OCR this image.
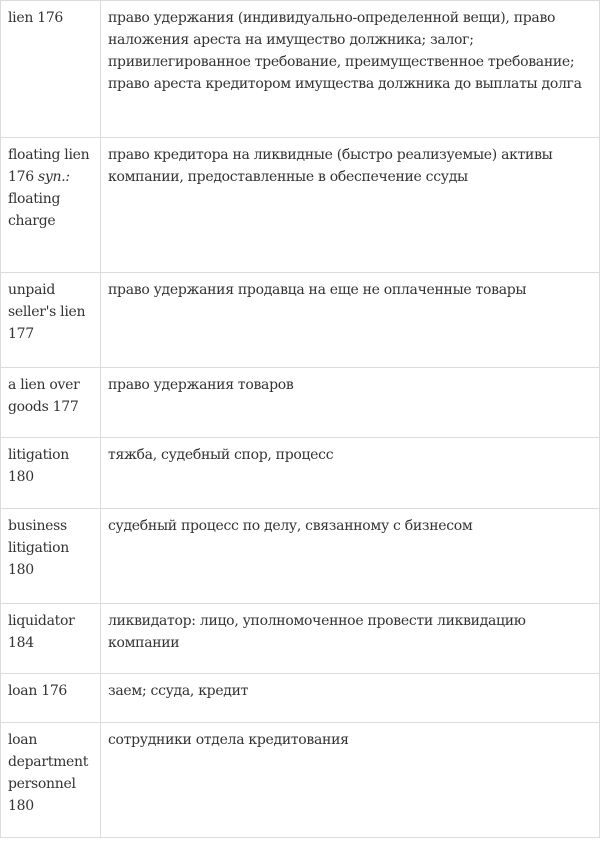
lien 176	право удержания (индивидуально-определенной вещи), право наложения ареста на имущество должника; залог; привилегированное требование, преимущественное требование; право ареста кредитором имущества должника до выплаты долга
floating lien 176 syn.: floating charge	право кредитора на ликвидные (быстро реализуемые) активы компании, предоставленные в обеспечение ссуды
unpaid seller's lien 177	право удержания продавца на еще не оплаченные товары
a lien over goods 177	право удержания товаров
litigation 180	тяжба, судебный спор, процесс
business litigation 180	судебный процесс по делу, связанному с бизнесом
liquidator 184	ликвидатор: лицо, уполномоченное провести ликвидацию компании
loan 176	заем; ссуда, кредит
loan department personnel 180	сотрудники отдела кредитования
